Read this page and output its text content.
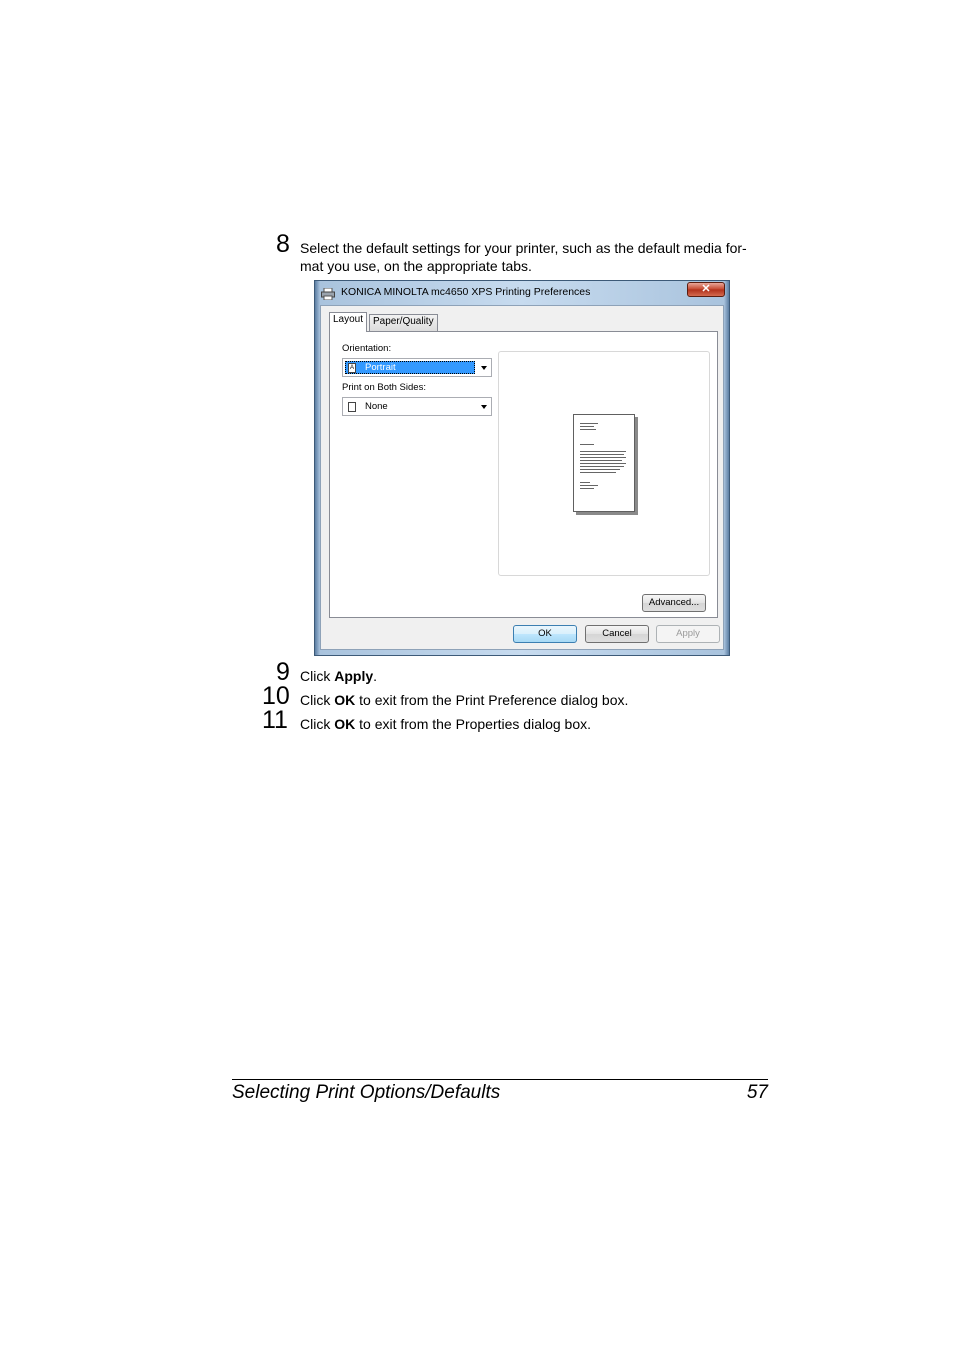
8 Select the default settings for your printer, such as the default media for-
mat you use, on the appropriate tabs.
KONICA MINOLTA mc4650 XPS Printing Preferences	✕
Layout Paper/Quality
Orientation:
A Portrait
Print on Both Sides:
None
Advanced...
OK	Cancel	Apply
9 Click Apply.
10 Click OK to exit from the Print Preference dialog box.
11 Click OK to exit from the Properties dialog box.
Selecting Print Options/Defaults	57
